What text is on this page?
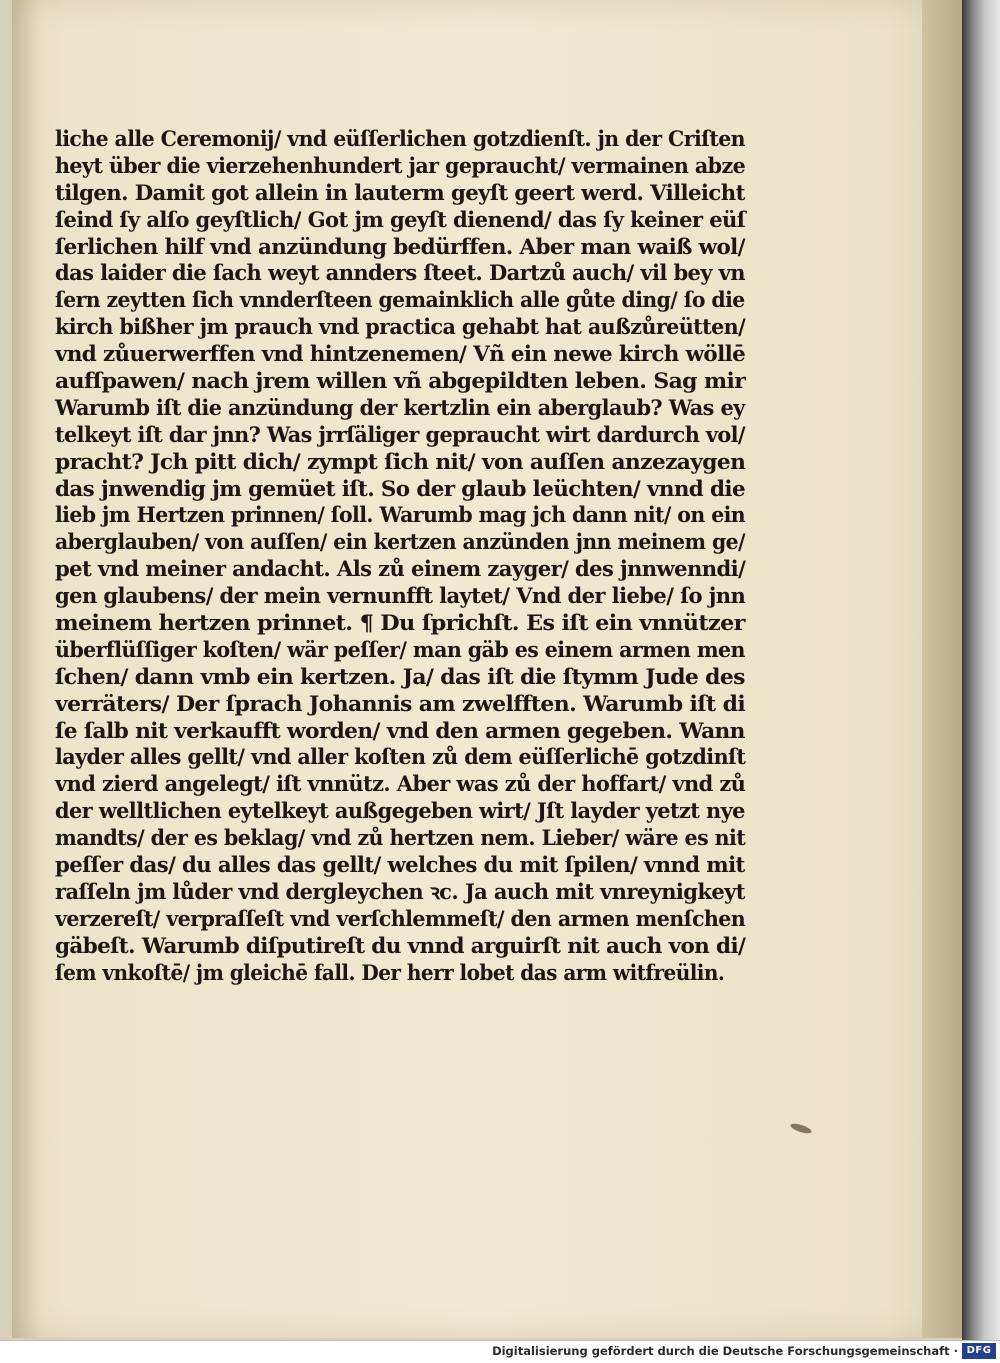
liche alle Ceremonij/ vnd eüſſerlichen gotzdienſt. jn der Criſten
heyt über die vierzehenhundert jar gepraucht/ vermainen abze
tilgen. Damit got allein in lauterm geyſt geert werd. Villeicht
ſeind ſy alſo geyſtlich/ Got jm geyſt dienend/ das ſy keiner eüſ
ſerlichen hilf vnd anzündung bedürffen. Aber man waiß wol/
das laider die ſach weyt annders ſteet. Dartzů auch/ vil bey vn
ſern zeytten ſich vnnderſteen gemainklich alle gůte ding/ ſo die
kirch bißher jm prauch vnd practica gehabt hat außzůreütten/
vnd zůuerwerffen vnd hintzenemen/ Vñ ein newe kirch wöllē
aufſpawen/ nach jrem willen vñ abgepildten leben. Sag mir
Warumb iſt die anzündung der kertzlin ein aberglaub? Was ey
telkeyt iſt dar jnn? Was jrrſäliger gepraucht wirt dardurch vol/
pracht? Jch pitt dich/ zympt ſich nit/ von auſſen anzezaygen
das jnwendig jm gemüet iſt. So der glaub leüchten/ vnnd die
lieb jm Hertzen prinnen/ ſoll. Warumb mag jch dann nit/ on ein
aberglauben/ von auſſen/ ein kertzen anzünden jnn meinem ge/
pet vnd meiner andacht. Als zů einem zayger/ des jnnwenndi/
gen glaubens/ der mein vernunfft laytet/ Vnd der liebe/ ſo jnn
meinem hertzen prinnet. ¶ Du ſprichſt. Es iſt ein vnnützer
überflüſſiger koſten/ wär peſſer/ man gäb es einem armen men
ſchen/ dann vmb ein kertzen. Ja/ das iſt die ſtymm Jude des
verräters/ Der ſprach Johannis am zwelfften. Warumb iſt di
ſe ſalb nit verkaufft worden/ vnd den armen gegeben. Wann
layder alles gellt/ vnd aller koſten zů dem eüſſerlichē gotzdinſt
vnd zierd angelegt/ iſt vnnütz. Aber was zů der hoffart/ vnd zů
der welltlichen eytelkeyt außgegeben wirt/ Jſt layder yetzt nye
mandts/ der es beklag/ vnd zů hertzen nem. Lieber/ wäre es nit
peſſer das/ du alles das gellt/ welches du mit ſpilen/ vnnd mit
raſſeln jm lůder vnd dergleychen ꝛc. Ja auch mit vnreynigkeyt
verzereſt/ verpraſſeſt vnd verſchlemmeſt/ den armen menſchen
gäbeſt. Warumb diſputireſt du vnnd arguirſt nit auch von di/
ſem vnkoſtē/ jm gleichē fall. Der herr lobet das arm witfreülin.
Digitalisierung gefördert durch die Deutsche Forschungsgemeinschaft · DFG
